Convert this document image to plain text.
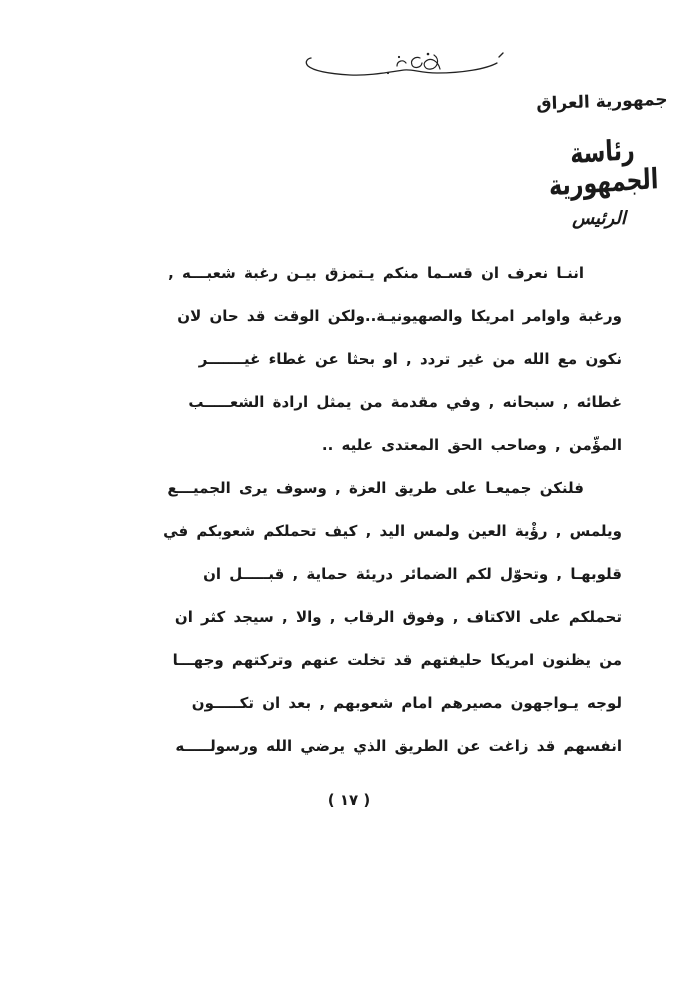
جمهورية العراق
رئاسة الجمهورية
الرئيس
اننـا نعرف ان قسـما منكم يـتمزق بيـن رغبة شعبـــه ,
ورغبة واوامر امريكا والصهيونيـة..ولكن الوقت قد حان لان
نكون مع الله من غير تردد , او بحثا عن غطاء غيـــــــر
غطائه , سبحانه , وفي مقدمة من يمثل ارادة الشعـــــب
المؤّمن , وصاحب الحق المعتدى عليه ..
فلنكن جميعـا على طريق العزة , وسوف يرى الجميـــع
ويلمس , رؤْية العين ولمس اليد , كيف تحملكم شعوبكم في
قلوبهـا , وتحوّل لكم الضمائر دريئة حماية , قبـــــل ان
تحملكم على الاكتاف , وفوق الرقاب , والا , سيجد كثر ان
من يظنون امريكا حليفتهم قد تخلت عنهم وتركتهم وجهـــا
لوجه يـواجهون مصيرهم امام شعوبهم , بعد ان تكـــــون
انفسهم قد زاغت عن الطريق الذي يرضي الله ورسولـــــه
( ١٧ )
